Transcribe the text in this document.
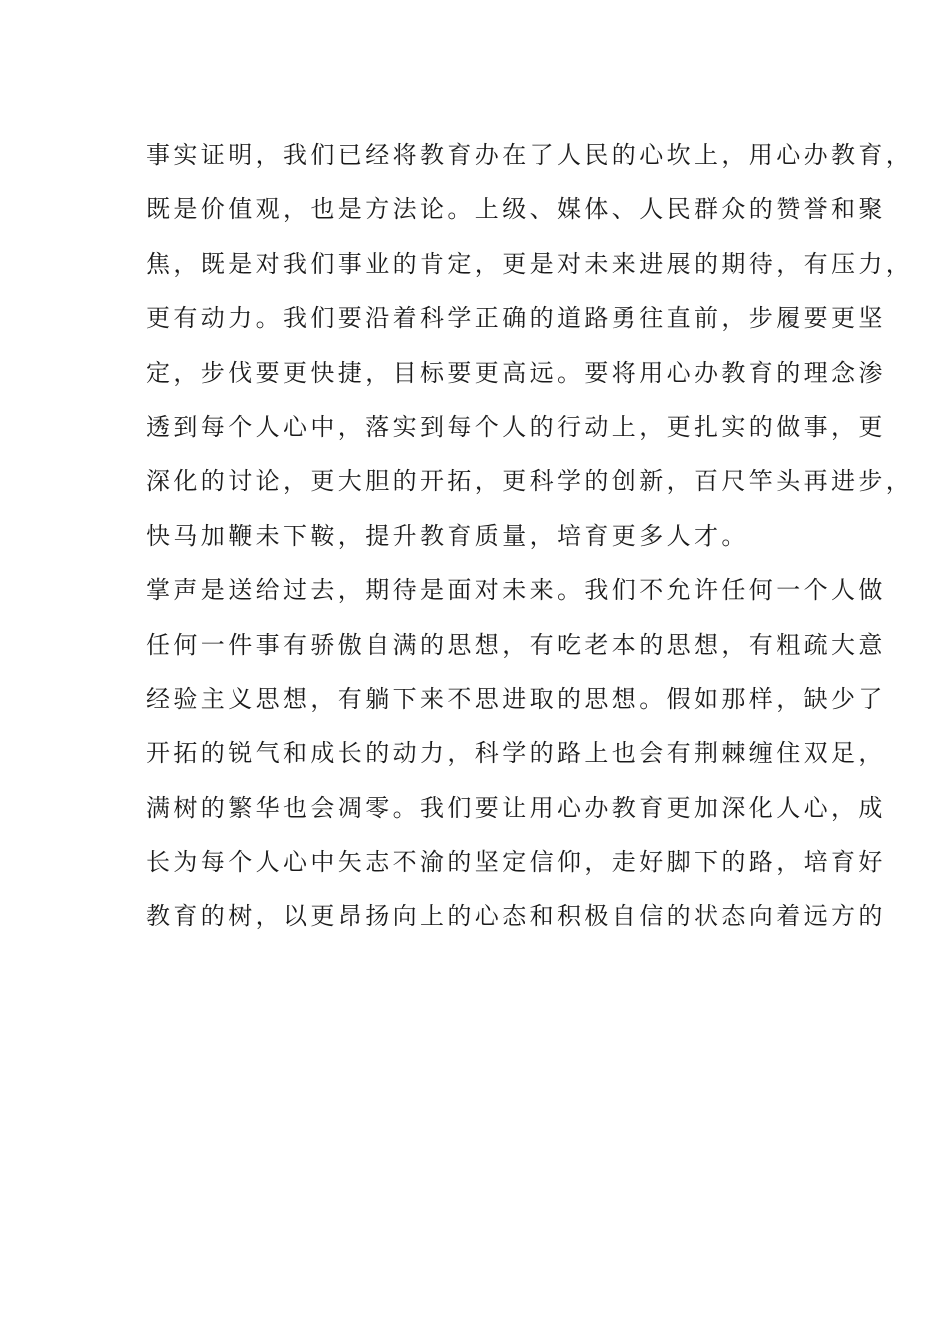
事实证明，我们已经将教育办在了人民的心坎上，用心办教育，
既是价值观，也是方法论。上级、媒体、人民群众的赞誉和聚
焦，既是对我们事业的肯定，更是对未来进展的期待，有压力，
更有动力。我们要沿着科学正确的道路勇往直前，步履要更坚
定，步伐要更快捷，目标要更高远。要将用心办教育的理念渗
透到每个人心中，落实到每个人的行动上，更扎实的做事，更
深化的讨论，更大胆的开拓，更科学的创新，百尺竿头再进步，
快马加鞭未下鞍，提升教育质量，培育更多人才。
掌声是送给过去，期待是面对未来。我们不允许任何一个人做
任何一件事有骄傲自满的思想，有吃老本的思想，有粗疏大意
经验主义思想，有躺下来不思进取的思想。假如那样，缺少了
开拓的锐气和成长的动力，科学的路上也会有荆棘缠住双足，
满树的繁华也会凋零。我们要让用心办教育更加深化人心，成
长为每个人心中矢志不渝的坚定信仰，走好脚下的路，培育好
教育的树，以更昂扬向上的心态和积极自信的状态向着远方的
